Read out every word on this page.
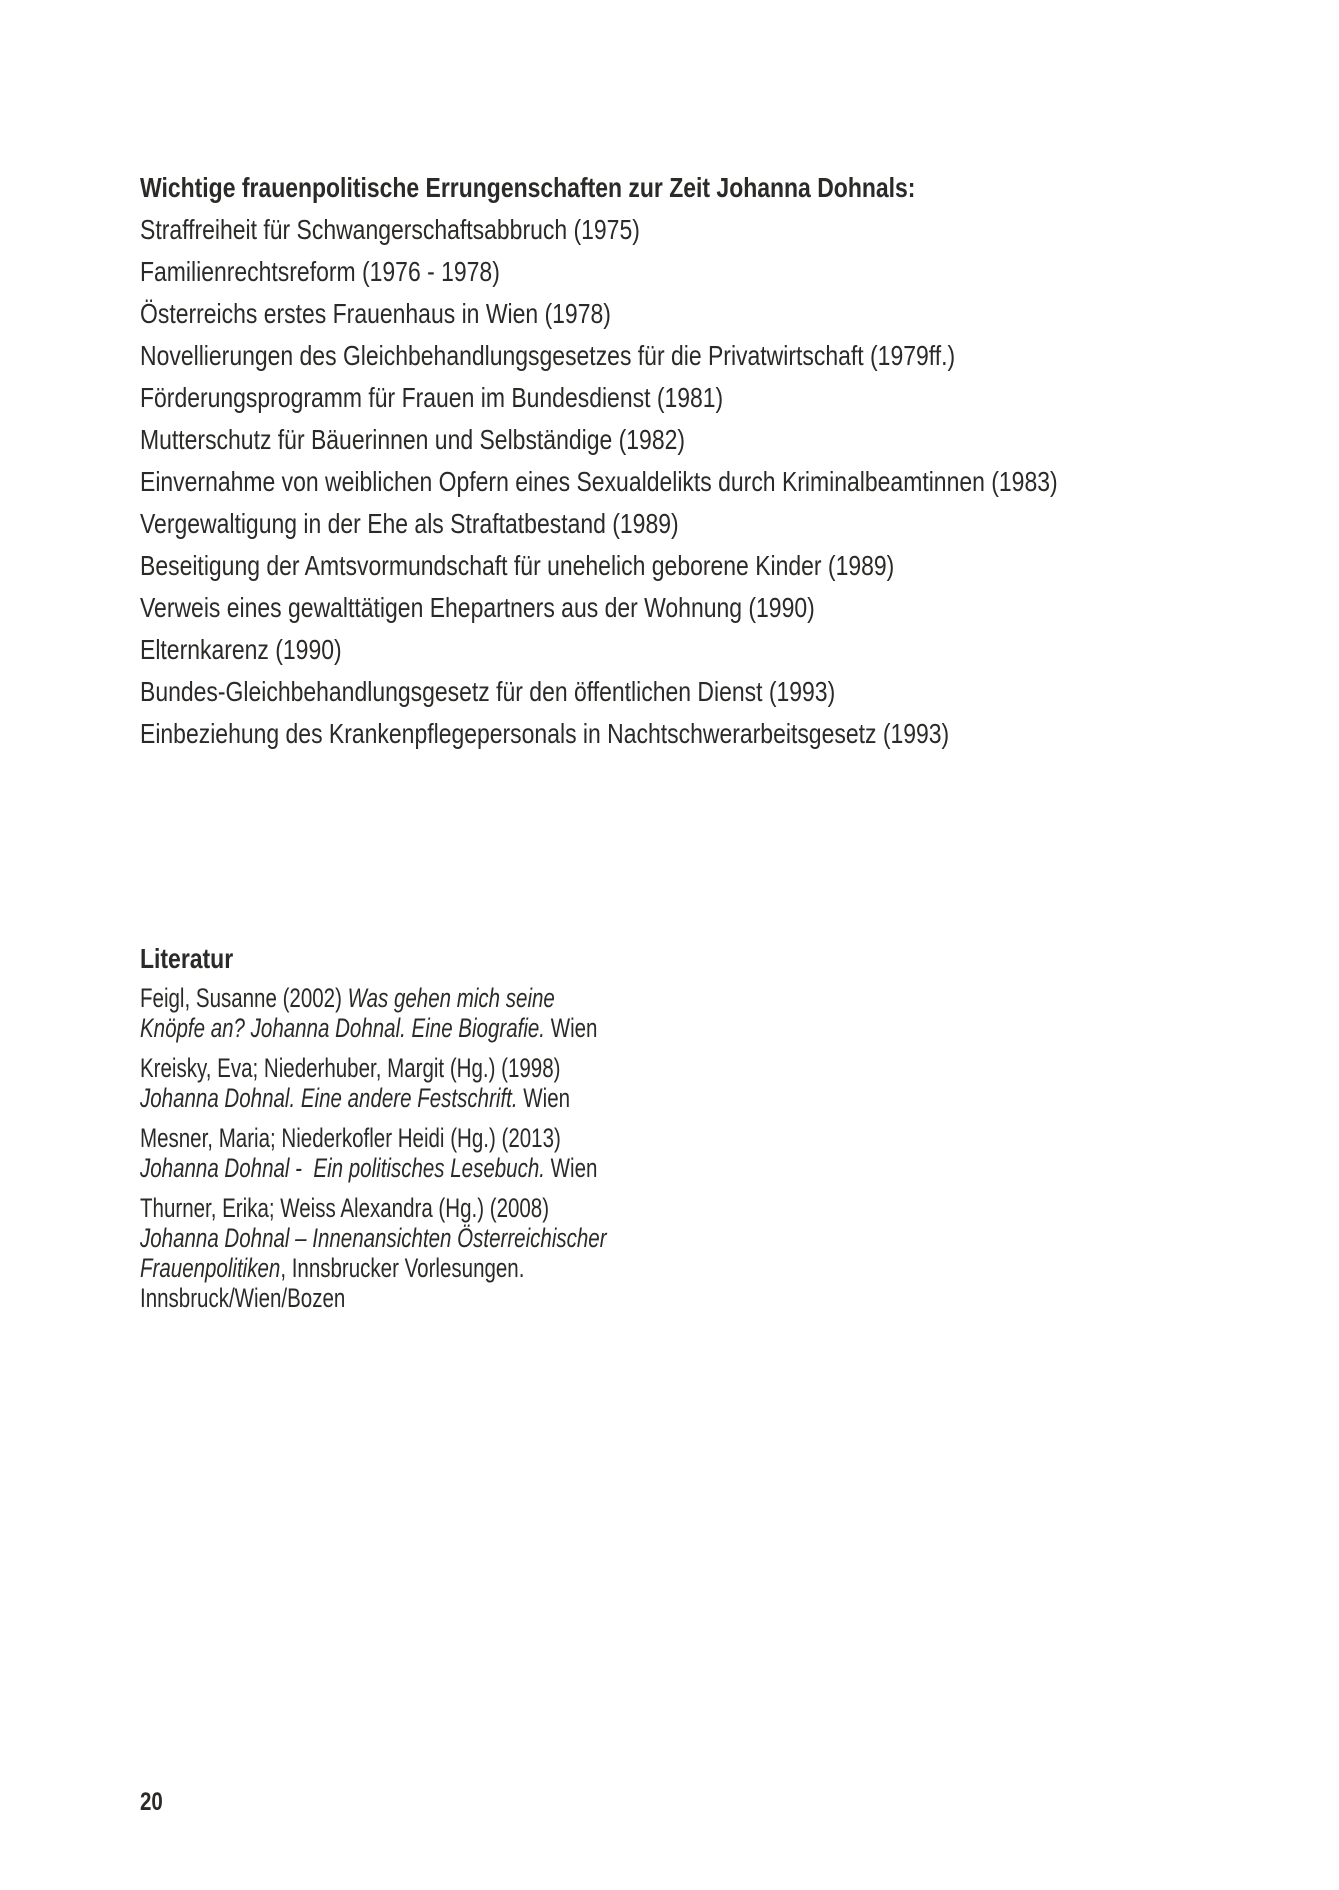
Wichtige frauenpolitische Errungenschaften zur Zeit Johanna Dohnals:
Straffreiheit für Schwangerschaftsabbruch (1975)
Familienrechtsreform (1976 - 1978)
Österreichs erstes Frauenhaus in Wien (1978)
Novellierungen des Gleichbehandlungsgesetzes für die Privatwirtschaft (1979ff.)
Förderungsprogramm für Frauen im Bundesdienst (1981)
Mutterschutz für Bäuerinnen und Selbständige (1982)
Einvernahme von weiblichen Opfern eines Sexualdelikts durch Kriminalbeamtinnen (1983)
Vergewaltigung in der Ehe als Straftatbestand (1989)
Beseitigung der Amtsvormundschaft für unehelich geborene Kinder (1989)
Verweis eines gewalttätigen Ehepartners aus der Wohnung (1990)
Elternkarenz (1990)
Bundes-Gleichbehandlungsgesetz für den öffentlichen Dienst (1993)
Einbeziehung des Krankenpflegepersonals in Nachtschwerarbeitsgesetz (1993)
Literatur

Feigl, Susanne (2002) Was gehen mich seine
Knöpfe an? Johanna Dohnal. Eine Biografie. Wien

Kreisky, Eva; Niederhuber, Margit (Hg.) (1998)
Johanna Dohnal. Eine andere Festschrift. Wien

Mesner, Maria; Niederkofler Heidi (Hg.) (2013)
Johanna Dohnal -  Ein politisches Lesebuch. Wien

Thurner, Erika; Weiss Alexandra (Hg.) (2008)
Johanna Dohnal – Innenansichten Österreichischer
Frauenpolitiken, Innsbrucker Vorlesungen.
Innsbruck/Wien/Bozen

20
